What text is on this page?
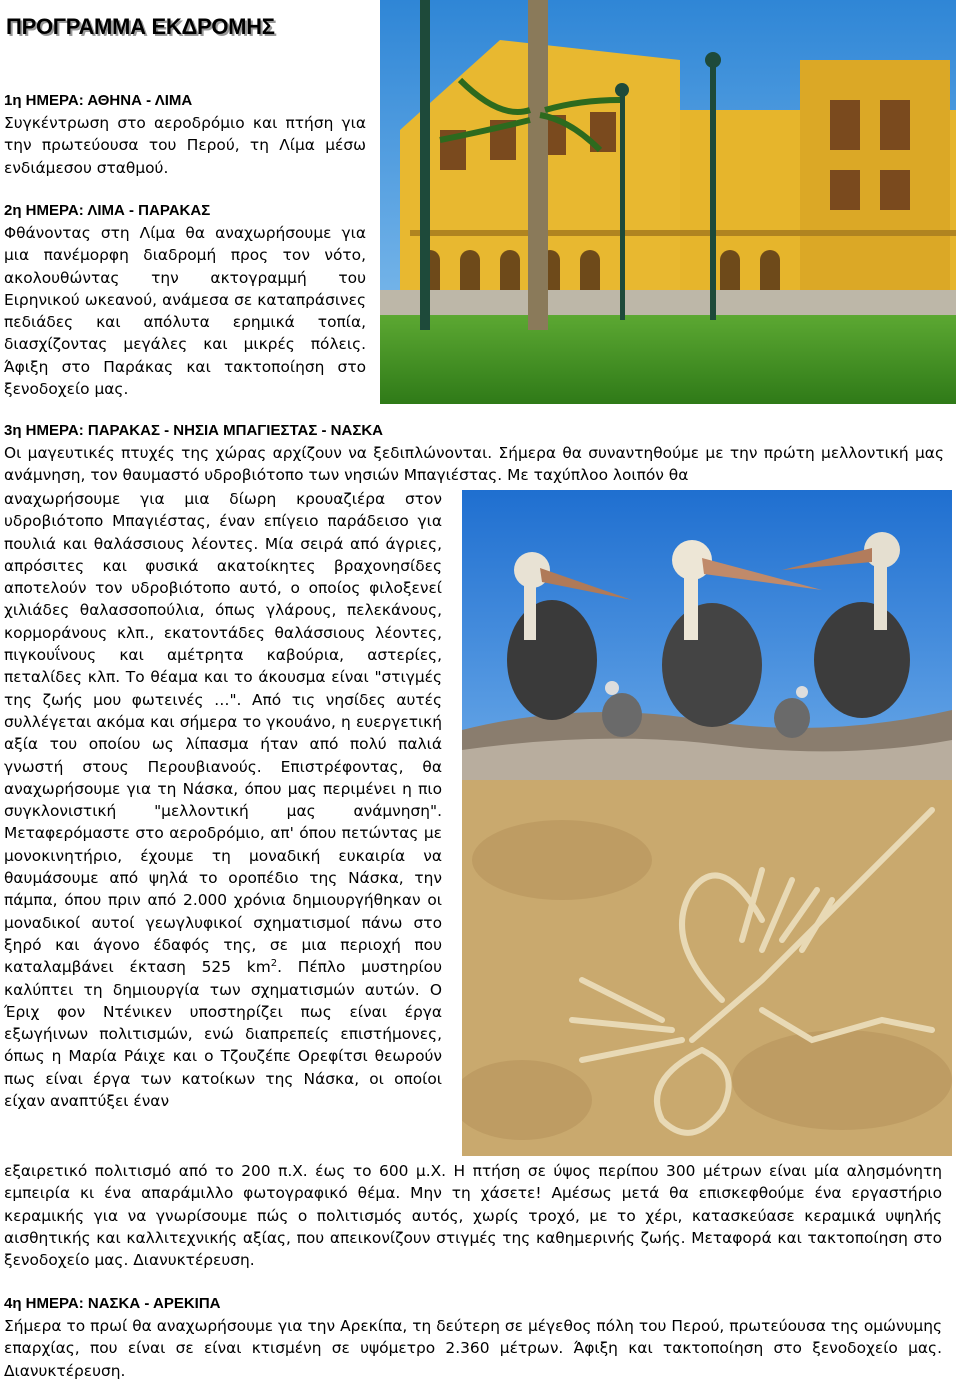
ΠΡΟΓΡΑΜΜΑ ΕΚΔΡΟΜΗΣ
1η ΗΜΕΡΑ: ΑΘΗΝΑ - ΛΙΜΑ
Συγκέντρωση στο αεροδρόμιο και πτήση για την πρωτεύουσα του Περού, τη Λίμα μέσω ενδιάμεσου σταθμού.
2η ΗΜΕΡΑ: ΛΙΜΑ - ΠΑΡΑΚΑΣ
Φθάνοντας στη Λίμα θα αναχωρήσουμε για μια πανέμορφη διαδρομή προς τον νότο, ακολουθώντας την ακτογραμμή του Ειρηνικού ωκεανού, ανάμεσα σε καταπράσινες πεδιάδες και απόλυτα ερημικά τοπία, διασχίζοντας μεγάλες και μικρές πόλεις. Άφιξη στο Παράκας και τακτοποίηση στο ξενοδοχείο μας.
3η ΗΜΕΡΑ: ΠΑΡΑΚΑΣ - ΝΗΣΙΑ ΜΠΑΓΙΕΣΤΑΣ - ΝΑΣΚΑ
Οι μαγευτικές πτυχές της χώρας αρχίζουν να ξεδιπλώνονται. Σήμερα θα συναντηθούμε με την πρώτη μελλοντική μας ανάμνηση, τον θαυμαστό υδροβιότοπο των νησιών Μπαγιέστας. Με ταχύπλοο λοιπόν θα
αναχωρήσουμε για μια δίωρη κρουαζιέρα στον υδροβιότοπο Μπαγιέστας, έναν επίγειο παράδεισο για πουλιά και θαλάσσιους λέοντες. Μία σειρά από άγριες, απρόσιτες και φυσικά ακατοίκητες βραχονησίδες αποτελούν τον υδροβιότοπο αυτό, ο οποίος φιλοξενεί χιλιάδες θαλασσοπούλια, όπως γλάρους, πελεκάνους, κορμοράνους κλπ., εκατοντάδες θαλάσσιους λέοντες, πιγκουΐνους και αμέτρητα καβούρια, αστερίες, πεταλίδες κλπ. Το θέαμα και το άκουσμα είναι "στιγμές της ζωής μου φωτεινές …". Από τις νησίδες αυτές συλλέγεται ακόμα και σήμερα το γκουάνο, η ευεργετική αξία του οποίου ως λίπασμα ήταν από πολύ παλιά γνωστή στους Περουβιανούς. Επιστρέφοντας, θα αναχωρήσουμε για τη Νάσκα, όπου μας περιμένει η πιο συγκλονιστική "μελλοντική μας ανάμνηση". Μεταφερόμαστε στο αεροδρόμιο, απ' όπου πετώντας με μονοκινητήριο, έχουμε τη μοναδική ευκαιρία να θαυμάσουμε από ψηλά το οροπέδιο της Νάσκα, την πάμπα, όπου πριν από 2.000 χρόνια δημιουργήθηκαν οι μοναδικοί αυτοί γεωγλυφικοί σχηματισμοί πάνω στο ξηρό και άγονο έδαφός της, σε μια περιοχή που καταλαμβάνει έκταση 525 $km^2$. Πέπλο μυστηρίου καλύπτει τη δημιουργία των σχηματισμών αυτών. Ο Έριχ φον Ντένικεν υποστηρίζει πως είναι έργα εξωγήινων πολιτισμών, ενώ διαπρεπείς επιστήμονες, όπως η Μαρία Ράιχε και ο Τζουζέπε Ορεφίτσι θεωρούν πως είναι έργα των κατοίκων της Νάσκα, οι οποίοι είχαν αναπτύξει έναν
εξαιρετικό πολιτισμό από το 200 π.Χ. έως το 600 μ.Χ. Η πτήση σε ύψος περίπου 300 μέτρων είναι μία αλησμόνητη εμπειρία κι ένα απαράμιλλο φωτογραφικό θέμα. Μην τη χάσετε! Αμέσως μετά θα επισκεφθούμε ένα εργαστήριο κεραμικής για να γνωρίσουμε πώς ο πολιτισμός αυτός, χωρίς τροχό, με το χέρι, κατασκεύασε κεραμικά υψηλής αισθητικής και καλλιτεχνικής αξίας, που απεικονίζουν στιγμές της καθημερινής ζωής. Μεταφορά και τακτοποίηση στο ξενοδοχείο μας. Διανυκτέρευση.
4η ΗΜΕΡΑ: ΝΑΣΚΑ - ΑΡΕΚΙΠΑ
Σήμερα το πρωί θα αναχωρήσουμε για την Αρεκίπα, τη δεύτερη σε μέγεθος πόλη του Περού, πρωτεύουσα της ομώνυμης επαρχίας, που είναι σε είναι κτισμένη σε υψόμετρο 2.360 μέτρων. Άφιξη και τακτοποίηση στο ξενοδοχείο μας. Διανυκτέρευση.
